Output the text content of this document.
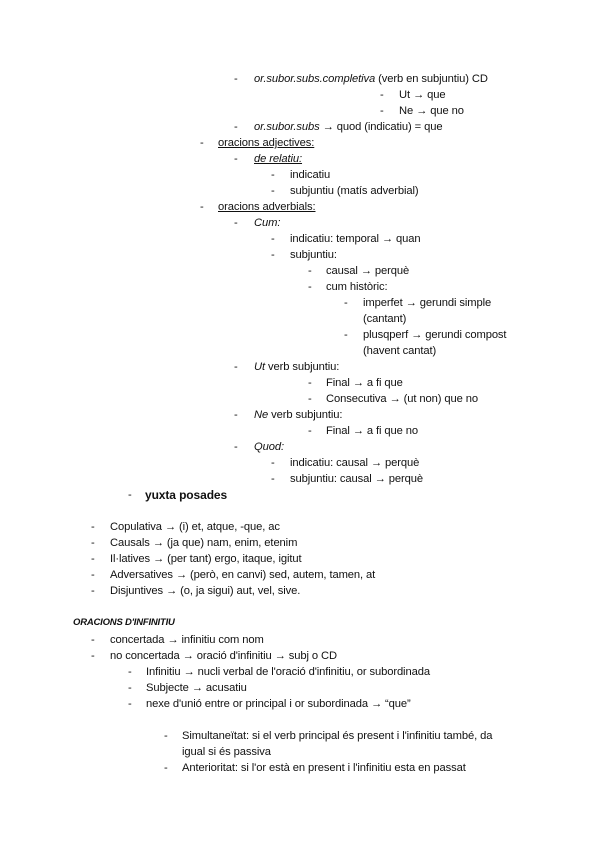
- or.subor.subs.completiva (verb en subjuntiu) CD
- Ut → que
- Ne → que no
- or.subor.subs → quod (indicatiu) = que
- oracions adjectives:
- de relatiu:
- indicatiu
- subjuntiu (matís adverbial)
- oracions adverbials:
- Cum:
- indicatiu: temporal → quan
- subjuntiu:
- causal → perquè
- cum històric:
- imperfet → gerundi simple
(cantant)
- plusqperf → gerundi compost
(havent cantat)
- Ut verb subjuntiu:
- Final → a fi que
- Consecutiva → (ut non) que no
- Ne verb subjuntiu:
- Final → a fi que no
- Quod:
- indicatiu: causal → perquè
- subjuntiu: causal → perquè
- yuxta posades
- Copulativa → (i) et, atque, -que, ac
- Causals → (ja que) nam, enim, etenim
- Il·latives → (per tant) ergo, itaque, igitut
- Adversatives → (però, en canvi) sed, autem, tamen, at
- Disjuntives → (o, ja sigui) aut, vel, sive.
ORACIONS D'INFINITIU
- concertada → infinitiu com nom
- no concertada → oració d'infinitiu → subj o CD
- Infinitiu → nucli verbal de l'oració d'infinitiu, or subordinada
- Subjecte → acusatiu
- nexe d'unió entre or principal i or subordinada → “que”
- Simultaneïtat: si el verb principal és present i l'infinitiu també, da
igual si és passiva
- Anterioritat: si l'or està en present i l'infinitiu esta en passat
